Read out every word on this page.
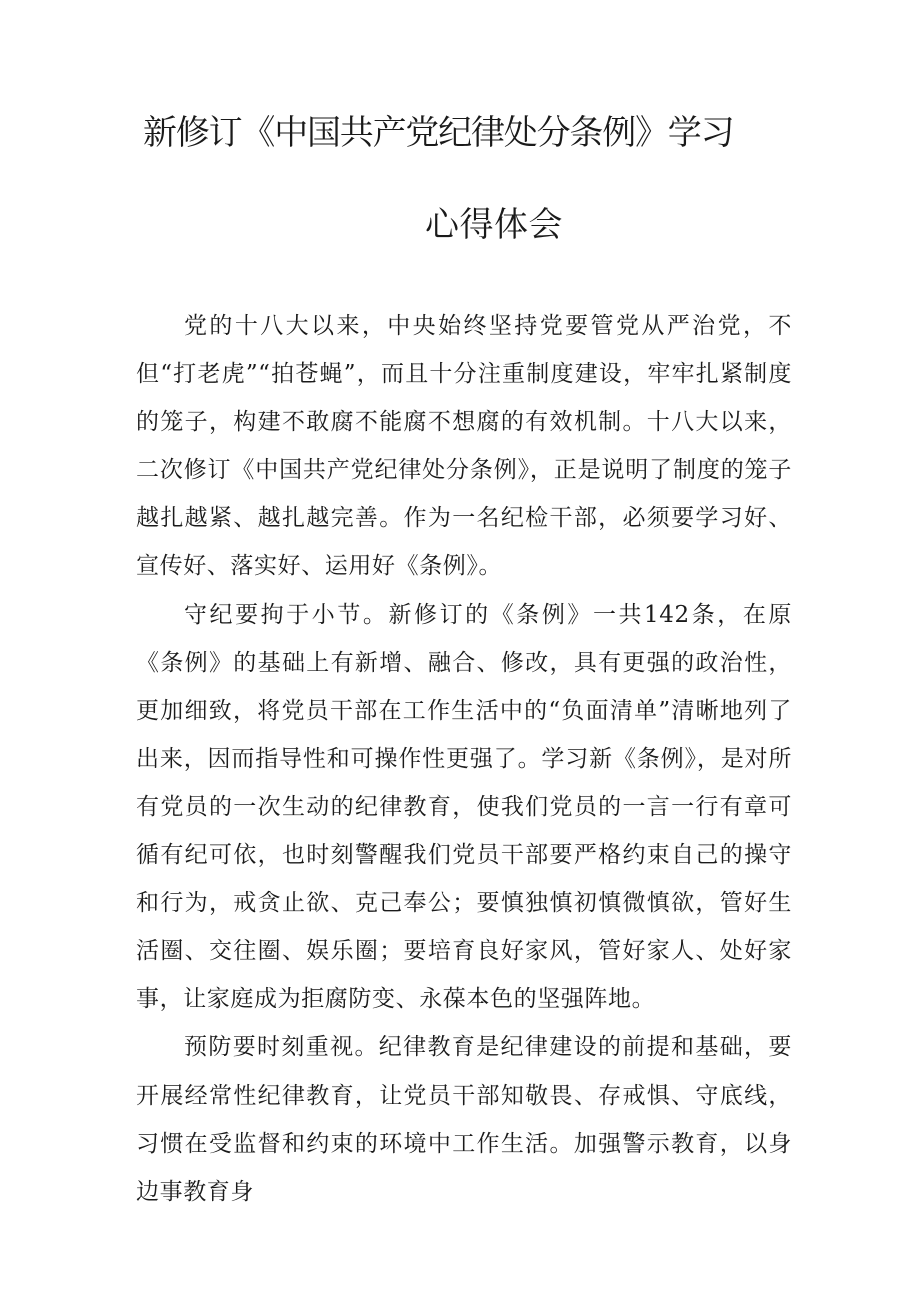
新修订《中国共产党纪律处分条例》学习
心得体会

党的十八大以来，中央始终坚持党要管党从严治党，不但“打老虎”“拍苍蝇”，而且十分注重制度建设，牢牢扎紧制度的笼子，构建不敢腐不能腐不想腐的有效机制。十八大以来，二次修订《中国共产党纪律处分条例》，正是说明了制度的笼子越扎越紧、越扎越完善。作为一名纪检干部，必须要学习好、宣传好、落实好、运用好《条例》。

守纪要拘于小节。新修订的《条例》一共142条，在原《条例》的基础上有新增、融合、修改，具有更强的政治性，更加细致，将党员干部在工作生活中的“负面清单”清晰地列了出来，因而指导性和可操作性更强了。学习新《条例》，是对所有党员的一次生动的纪律教育，使我们党员的一言一行有章可循有纪可依，也时刻警醒我们党员干部要严格约束自己的操守和行为，戒贪止欲、克己奉公；要慎独慎初慎微慎欲，管好生活圈、交往圈、娱乐圈；要培育良好家风，管好家人、处好家事，让家庭成为拒腐防变、永葆本色的坚强阵地。

预防要时刻重视。纪律教育是纪律建设的前提和基础，要开展经常性纪律教育，让党员干部知敬畏、存戒惧、守底线，习惯在受监督和约束的环境中工作生活。加强警示教育，以身边事教育身
